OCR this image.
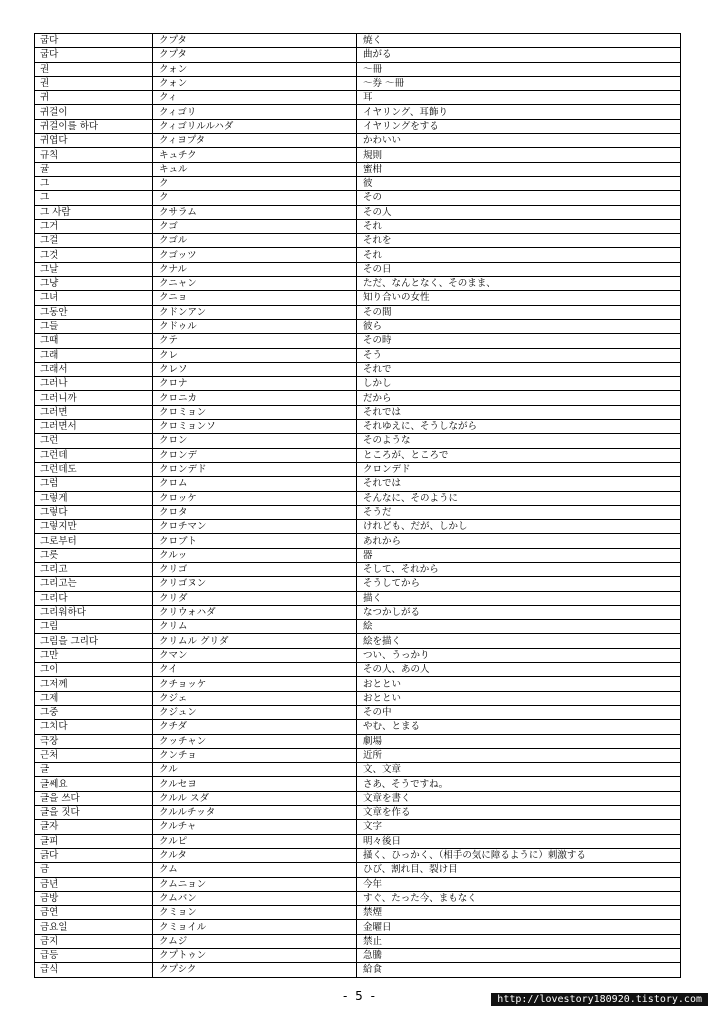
굽다	クプタ	焼く
굽다	クプタ	曲がる
권	クォン	～冊
권	クォン	～券 ～冊
귀	クィ	耳
귀걸이	クィゴリ	イヤリング、耳飾り
귀걸이를 하다	クィゴリルルハダ	イヤリングをする
귀엽다	クィヨプタ	かわいい
규칙	キュチク	規則
귤	キュル	蜜柑
그	ク	彼
그	ク	その
그 사람	クサラム	その人
그거	クゴ	それ
그걸	クゴル	それを
그것	クゴッツ	それ
그날	クナル	その日
그냥	クニャン	ただ、なんとなく、そのまま、
그녀	クニョ	知り合いの女性
그동안	クドンアン	その間
그들	クドゥル	彼ら
그때	クテ	その時
그래	クレ	そう
그래서	クレソ	それで
그러나	クロナ	しかし
그러니까	クロニカ	だから
그러면	クロミョン	それでは
그러면서	クロミョンソ	それゆえに、そうしながら
그런	クロン	そのような
그런데	クロンデ	ところが、ところで
그런데도	クロンデド	クロンデド
그럼	クロム	それでは
그렇게	クロッケ	そんなに、そのように
그렇다	クロタ	そうだ
그렇지만	クロチマン	けれども、だが、しかし
그로부터	クロブト	あれから
그릇	クルッ	器
그리고	クリゴ	そして、それから
그리고는	クリゴヌン	そうしてから
그리다	クリダ	描く
그리워하다	クリウォハダ	なつかしがる
그림	クリム	絵
그림을 그리다	クリムル グリダ	絵を描く
그만	クマン	つい、うっかり
그이	クイ	その人、あの人
그저께	クチョッケ	おととい
그제	クジェ	おととい
그중	クジュン	その中
그치다	クチダ	やむ、とまる
극장	クッチャン	劇場
근처	クンチョ	近所
글	クル	文、文章
글쎄요	クルセヨ	さあ、そうですね。
글을 쓰다	クルル スダ	文章を書く
글을 짓다	クルルチッタ	文章を作る
글자	クルチャ	文字
글피	クルピ	明々後日
긁다	クルタ	掻く、ひっかく、（相手の気に障るように）刺激する
금	クム	ひび、割れ目、裂け目
금년	クムニョン	今年
금방	クムバン	すぐ、たった今、まもなく
금연	クミョン	禁煙
금요일	クミョイル	金曜日
금지	クムジ	禁止
급등	クプトゥン	急騰
급식	クプシク	給食
- 5 -	http://lovestory180920.tistory.com
